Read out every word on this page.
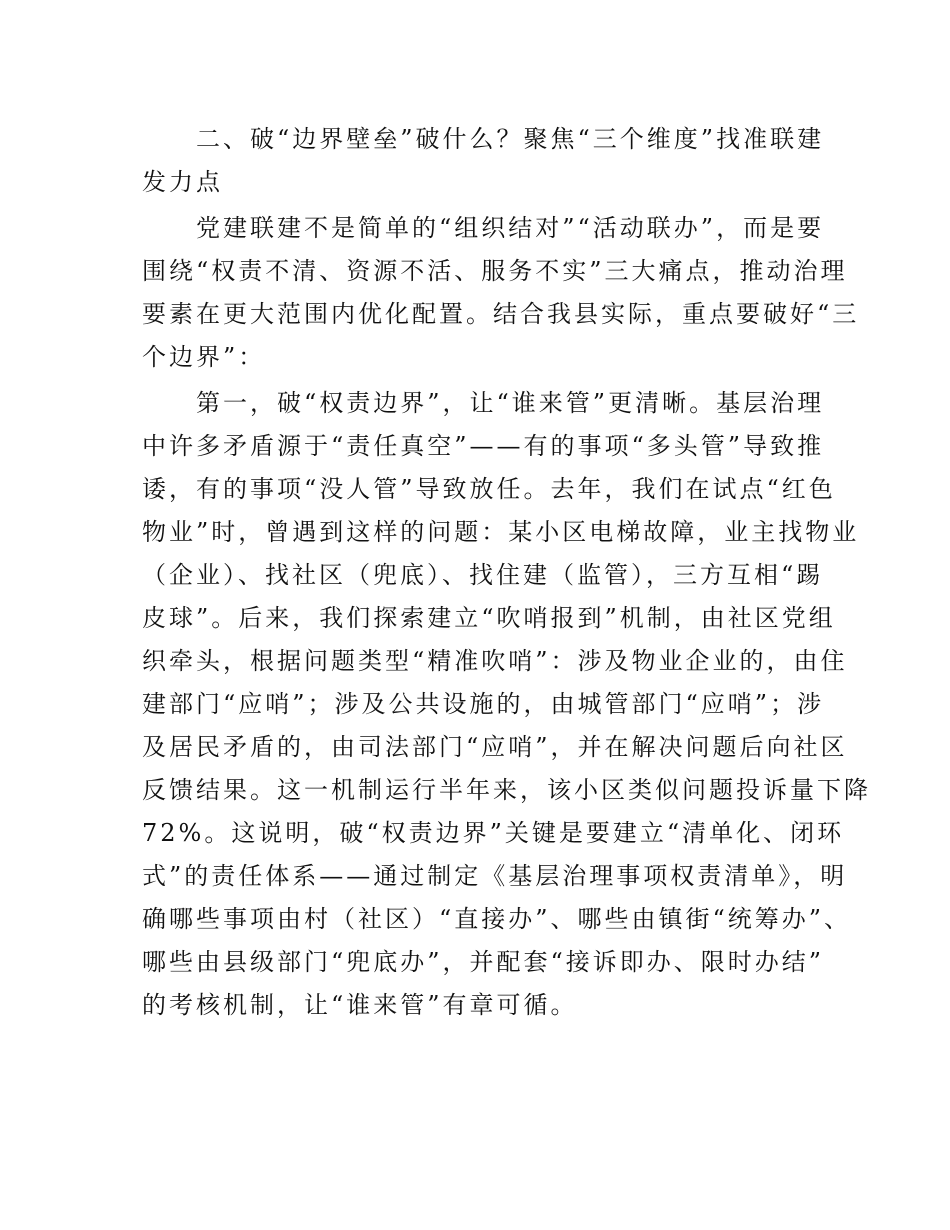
　　二、破“边界壁垒”破什么？聚焦“三个维度”找准联建
发力点
　　党建联建不是简单的“组织结对”“活动联办”，而是要
围绕“权责不清、资源不活、服务不实”三大痛点，推动治理
要素在更大范围内优化配置。结合我县实际，重点要破好“三
个边界”：
　　第一，破“权责边界”，让“谁来管”更清晰。基层治理
中许多矛盾源于“责任真空”——有的事项“多头管”导致推
诿，有的事项“没人管”导致放任。去年，我们在试点“红色
物业”时，曾遇到这样的问题：某小区电梯故障，业主找物业
（企业）、找社区（兜底）、找住建（监管），三方互相“踢
皮球”。后来，我们探索建立“吹哨报到”机制，由社区党组
织牵头，根据问题类型“精准吹哨”：涉及物业企业的，由住
建部门“应哨”；涉及公共设施的，由城管部门“应哨”；涉
及居民矛盾的，由司法部门“应哨”，并在解决问题后向社区
反馈结果。这一机制运行半年来，该小区类似问题投诉量下降
72%。这说明，破“权责边界”关键是要建立“清单化、闭环
式”的责任体系——通过制定《基层治理事项权责清单》，明
确哪些事项由村（社区）“直接办”、哪些由镇街“统筹办”、
哪些由县级部门“兜底办”，并配套“接诉即办、限时办结”
的考核机制，让“谁来管”有章可循。
